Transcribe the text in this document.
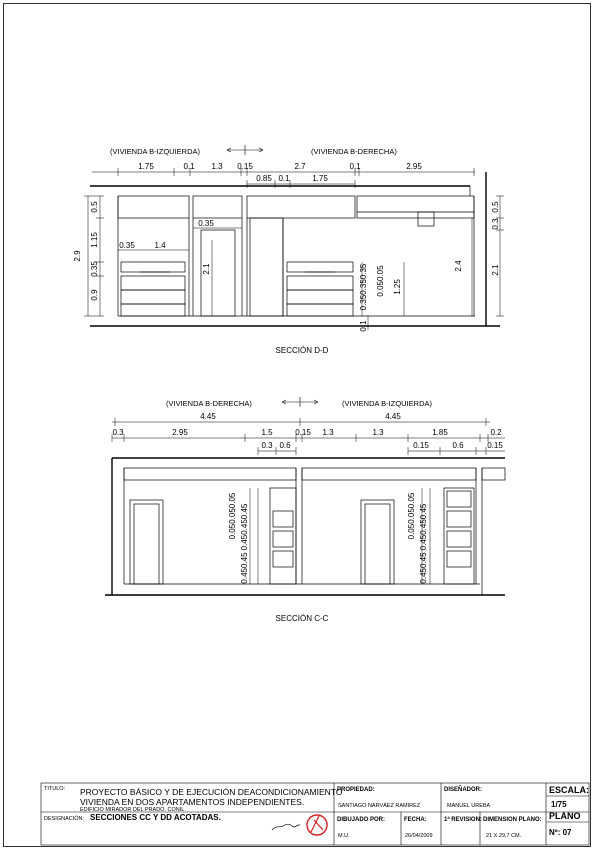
(VIVIENDA B-IZQUIERDA)	(VIVIENDA B-DERECHA)
1.75	0.1 1.3 0.15	2.7	0.1	2.95
0.85 0.1	1.75
2.9
0.5
1.15
0.35
0.9
0.5
0.3
2.1
0.35 1.4
0.35
2.1	2.4
0.350.350.35 0.050.05 1.25
0.1
SECCIÓN D-D
(VIVIENDA B-DERECHA)	(VIVIENDA B-IZQUIERDA)
4.45	4.45
0.3	2.95	1.5	0.15 1.3	1.3	1.85	0.2
0.3 0.6	0.15	0.6	0.15
0.050.050.05 0.450.450.45
0.450.45
0.050.050.05 0.450.450.45
0.450.45
SECCIÓN C-C
TITULO: PROYECTO BÁSICO Y DE EJECUCIÓN DEACONDICIONAMIENTO
VIVIENDA EN DOS APARTAMENTOS INDEPENDIENTES.
EDIFICIO MIRADOR DEL PRADO. CONIL
PROPIEDAD:
SANTIAGO NARVÁEZ RAMIREZ
DISEÑADOR:
MANUEL UREBA
ESCALA:
1/75
DESIGNACIÓN: SECCIONES CC Y DD ACOTADAS.	DIBUJADO POR:
M.U.
FECHA:
26/04/2009
1ª REVISION: DIMENSION PLANO:
21 X 29,7 CM.
PLANO
Nº: 07
